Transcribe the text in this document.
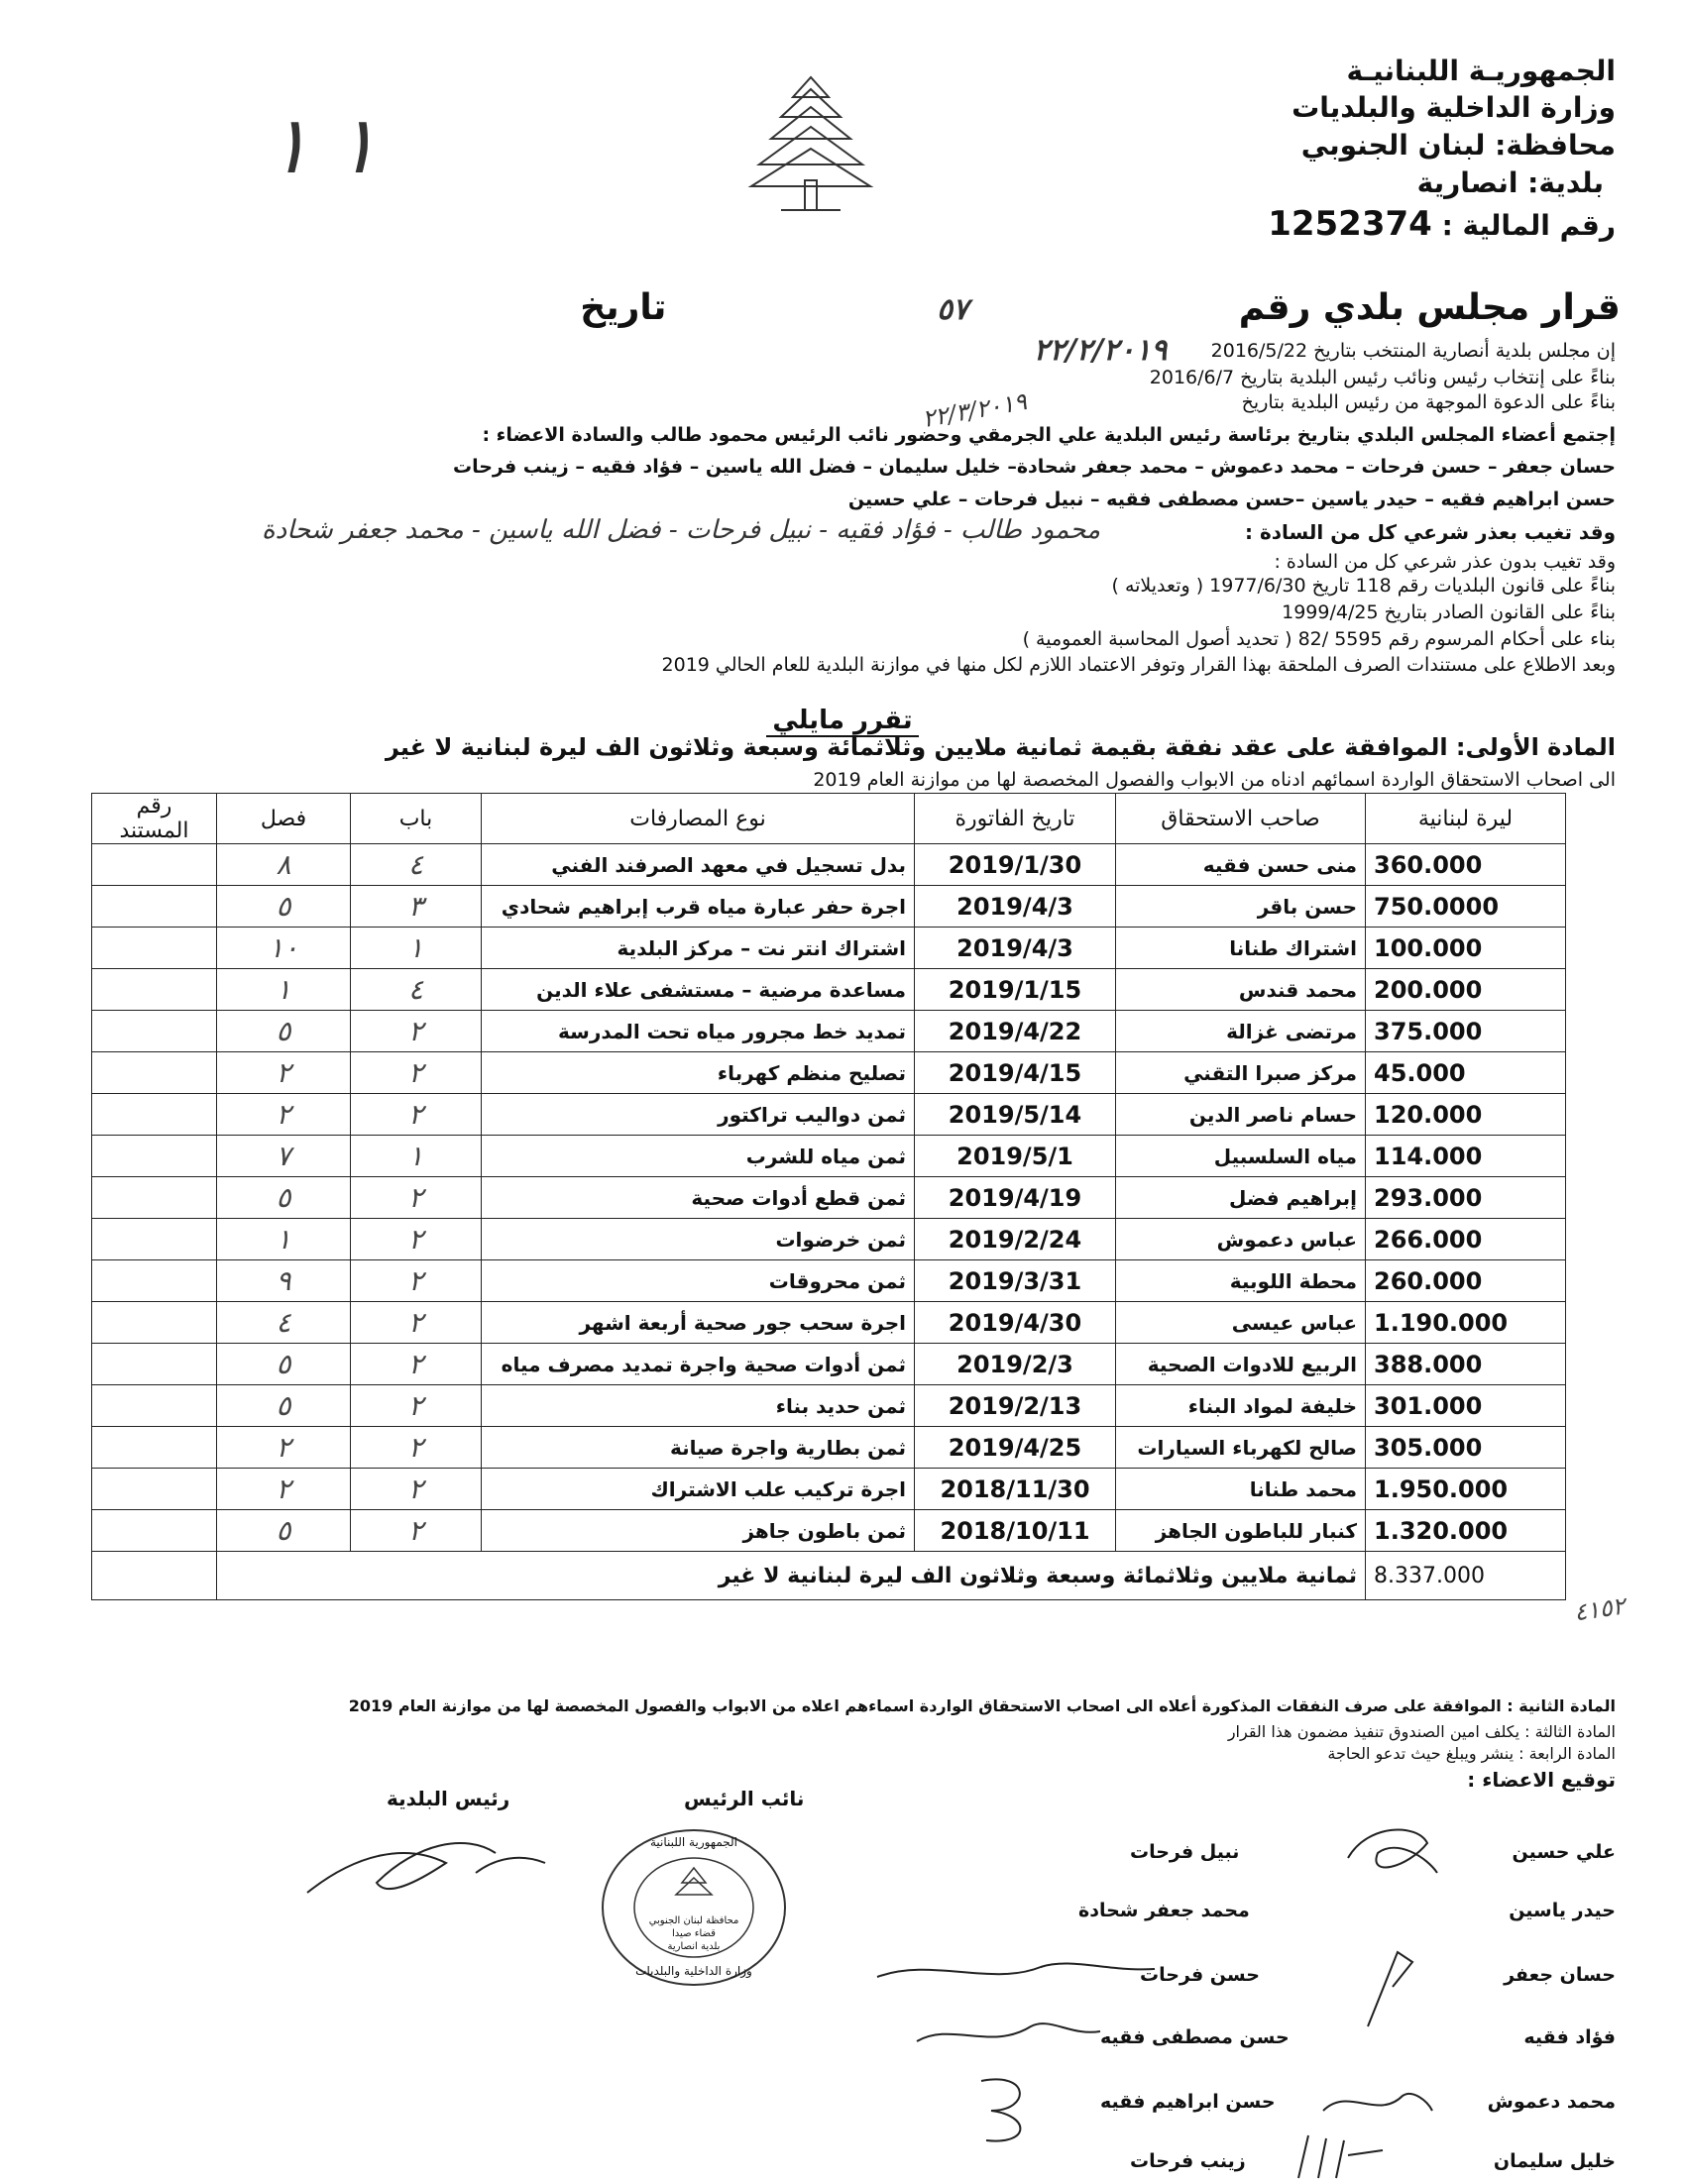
الجمهوريـة اللبنانيـة
وزارة الداخلية والبلديات
محافظة: لبنان الجنوبي
بلدية: انصارية
رقم المالية : 1252374
١ ١
قرار مجلس بلدي رقم ٥٧ تاريخ ٢٢/٢/٢٠١٩	إن مجلس بلدية أنصارية المنتخب بتاريخ 2016/5/22
بناءً على إنتخاب رئيس ونائب رئيس البلدية بتاريخ 2016/6/7
بناءً على الدعوة الموجهة من رئيس البلدية بتاريخ
إجتمع أعضاء المجلس البلدي بتاريخ برئاسة رئيس البلدية علي الجرمقي وحضور نائب الرئيس محمود طالب والسادة الاعضاء :
٢٢/٣/٢٠١٩
حسان جعفر – حسن فرحات – محمد دعموش – محمد جعفر شحادة– خليل سليمان – فضل الله ياسين – فؤاد فقيه – زينب فرحات
حسن ابراهيم فقيه – حيدر ياسين –حسن مصطفى فقيه – نبيل فرحات – علي حسين
وقد تغيب بعذر شرعي كل من السادة :
محمود طالب - فؤاد فقيه - نبيل فرحات - فضل الله ياسين - محمد جعفر شحادة
وقد تغيب بدون عذر شرعي كل من السادة :
بناءً على قانون البلديات رقم 118 تاريخ 1977/6/30 ( وتعديلاته )
بناءً على القانون الصادر بتاريخ 1999/4/25
بناء على أحكام المرسوم رقم 5595 /82 ( تحديد أصول المحاسبة العمومية )
وبعد الاطلاع على مستندات الصرف الملحقة بهذا القرار وتوفر الاعتماد اللازم لكل منها في موازنة البلدية للعام الحالي 2019
تقرر مايلي
المادة الأولى: الموافقة على عقد نفقة بقيمة ثمانية ملايين وثلاثمائة وسبعة وثلاثون الف ليرة لبنانية لا غير
الى اصحاب الاستحقاق الواردة اسمائهم ادناه من الابواب والفصول المخصصة لها من موازنة العام 2019
ليرة لبنانية	صاحب الاستحقاق	تاريخ الفاتورة	نوع المصارفات	باب	فصل	رقم المستند
360.000	منى حسن فقيه	2019/1/30	بدل تسجيل في معهد الصرفند الفني	٤	٨	
750.0000	حسن باقر	2019/4/3	اجرة حفر عبارة مياه قرب إبراهيم شحادي	٣	٥	
100.000	اشتراك طنانا	2019/4/3	اشتراك انتر نت – مركز البلدية	١	١٠	
200.000	محمد قندس	2019/1/15	مساعدة مرضية – مستشفى علاء الدين	٤	١	
375.000	مرتضى غزالة	2019/4/22	تمديد خط مجرور مياه تحت المدرسة	٢	٥	
45.000	مركز صبرا التقني	2019/4/15	تصليح منظم كهرباء	٢	٢	
120.000	حسام ناصر الدين	2019/5/14	ثمن دواليب تراكتور	٢	٢	
114.000	مياه السلسبيل	2019/5/1	ثمن مياه للشرب	١	٧	
293.000	إبراهيم فضل	2019/4/19	ثمن قطع أدوات صحية	٢	٥	
266.000	عباس دعموش	2019/2/24	ثمن خرضوات	٢	١	
260.000	محطة اللوبية	2019/3/31	ثمن محروقات	٢	٩	
1.190.000	عباس عيسى	2019/4/30	اجرة سحب جور صحية أربعة اشهر	٢	٤	
388.000	الربيع للادوات الصحية	2019/2/3	ثمن أدوات صحية واجرة تمديد مصرف مياه	٢	٥	
301.000	خليفة لمواد البناء	2019/2/13	ثمن حديد بناء	٢	٥	
305.000	صالح لكهرباء السيارات	2019/4/25	ثمن بطارية واجرة صيانة	٢	٢	
1.950.000	محمد طنانا	2018/11/30	اجرة تركيب علب الاشتراك	٢	٢	
1.320.000	كنبار للباطون الجاهز	2018/10/11	ثمن باطون جاهز	٢	٥	
8.337.000	ثمانية ملايين وثلاثمائة وسبعة وثلاثون الف ليرة لبنانية لا غير					
٤١٥٢
المادة الثانية : الموافقة على صرف النفقات المذكورة أعلاه الى اصحاب الاستحقاق الواردة اسماءهم اعلاه من الابواب والفصول المخصصة لها من موازنة العام 2019
المادة الثالثة : يكلف امين الصندوق تنفيذ مضمون هذا القرار
المادة الرابعة : ينشر ويبلغ حيث تدعو الحاجة
توقيع الاعضاء :
نائب الرئيس
رئيس البلدية
الجمهورية اللبنانية
وزارة الداخلية والبلديات
محافظة لبنان الجنوبي
قضاء صيدا
بلدية انصارية
علي حسين
حيدر ياسين
حسان جعفر
فؤاد فقيه
محمد دعموش
خليل سليمان
نبيل فرحات
محمد جعفر شحادة
حسن فرحات
حسن مصطفى فقيه
حسن ابراهيم فقيه
زينب فرحات
